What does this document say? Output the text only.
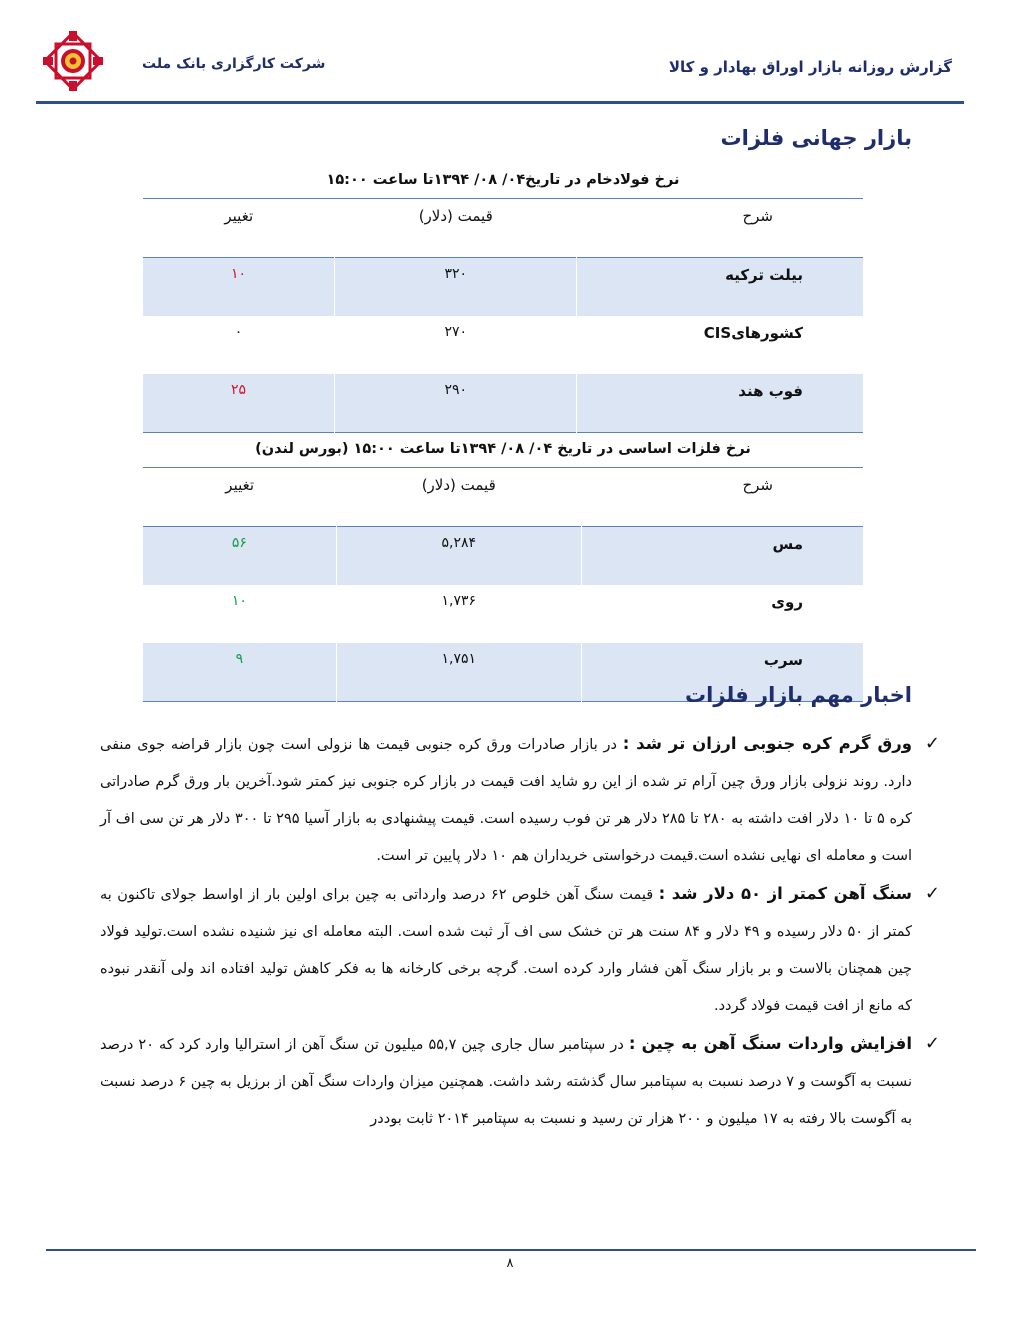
گزارش روزانه بازار اوراق بهادار و کالا
شرکت کارگزاری بانک ملت
بازار جهانی فلزات
نرخ فولادخام در تاریخ۰۴/ ۰۸/ ۱۳۹۴تا ساعت ۱۵:۰۰
شرح	قیمت (دلار)	تغییر
بیلت ترکیه	۳۲۰	۱۰
کشورهایCIS	۲۷۰	۰
فوب هند	۲۹۰	۲۵
نرخ فلزات اساسی در تاریخ ۰۴/ ۰۸/ ۱۳۹۴تا ساعت ۱۵:۰۰ (بورس لندن)
شرح	قیمت (دلار)	تغییر
مس	۵,۲۸۴	۵۶
روی	۱,۷۳۶	۱۰
سرب	۱,۷۵۱	۹
اخبار مهم بازار فلزات
✓
ورق گرم کره جنوبی ارزان تر شد : در بازار صادرات ورق کره جنوبی قیمت ها نزولی است چون بازار قراضه جوی منفی دارد. روند نزولی بازار ورق چین آرام تر شده از این رو شاید افت قیمت در بازار کره جنوبی نیز کمتر شود.آخرین بار ورق گرم صادراتی کره ۵ تا ۱۰ دلار افت داشته به ۲۸۰ تا ۲۸۵ دلار هر تن فوب رسیده است. قیمت پیشنهادی به بازار آسیا ۲۹۵ تا ۳۰۰ دلار هر تن سی اف آر است و معامله ای نهایی نشده است.قیمت درخواستی خریداران هم ۱۰ دلار پایین تر است.
✓
سنگ آهن کمتر از ۵۰ دلار شد : قیمت سنگ آهن خلوص ۶۲ درصد وارداتی به چین برای اولین بار از اواسط جولای تاکنون به کمتر از ۵۰ دلار رسیده و ۴۹ دلار و ۸۴ سنت هر تن خشک سی اف آر ثبت شده است. البته معامله ای نیز شنیده نشده است.تولید فولاد چین همچنان بالاست و بر بازار سنگ آهن فشار وارد کرده است. گرچه برخی کارخانه ها به فکر کاهش تولید افتاده اند ولی آنقدر نبوده که مانع از افت قیمت فولاد گردد.
✓
افزایش واردات سنگ آهن به چین : در سپتامبر سال جاری چین ۵۵,۷ میلیون تن سنگ آهن از استرالیا وارد کرد که ۲۰ درصد نسبت به آگوست و ۷ درصد نسبت به سپتامبر سال گذشته رشد داشت. همچنین میزان واردات سنگ آهن از برزیل به چین ۶ درصد نسبت به آگوست بالا رفته به ۱۷ میلیون و ۲۰۰ هزار تن رسید و نسبت به سپتامبر ۲۰۱۴ ثابت بوددر
۸
